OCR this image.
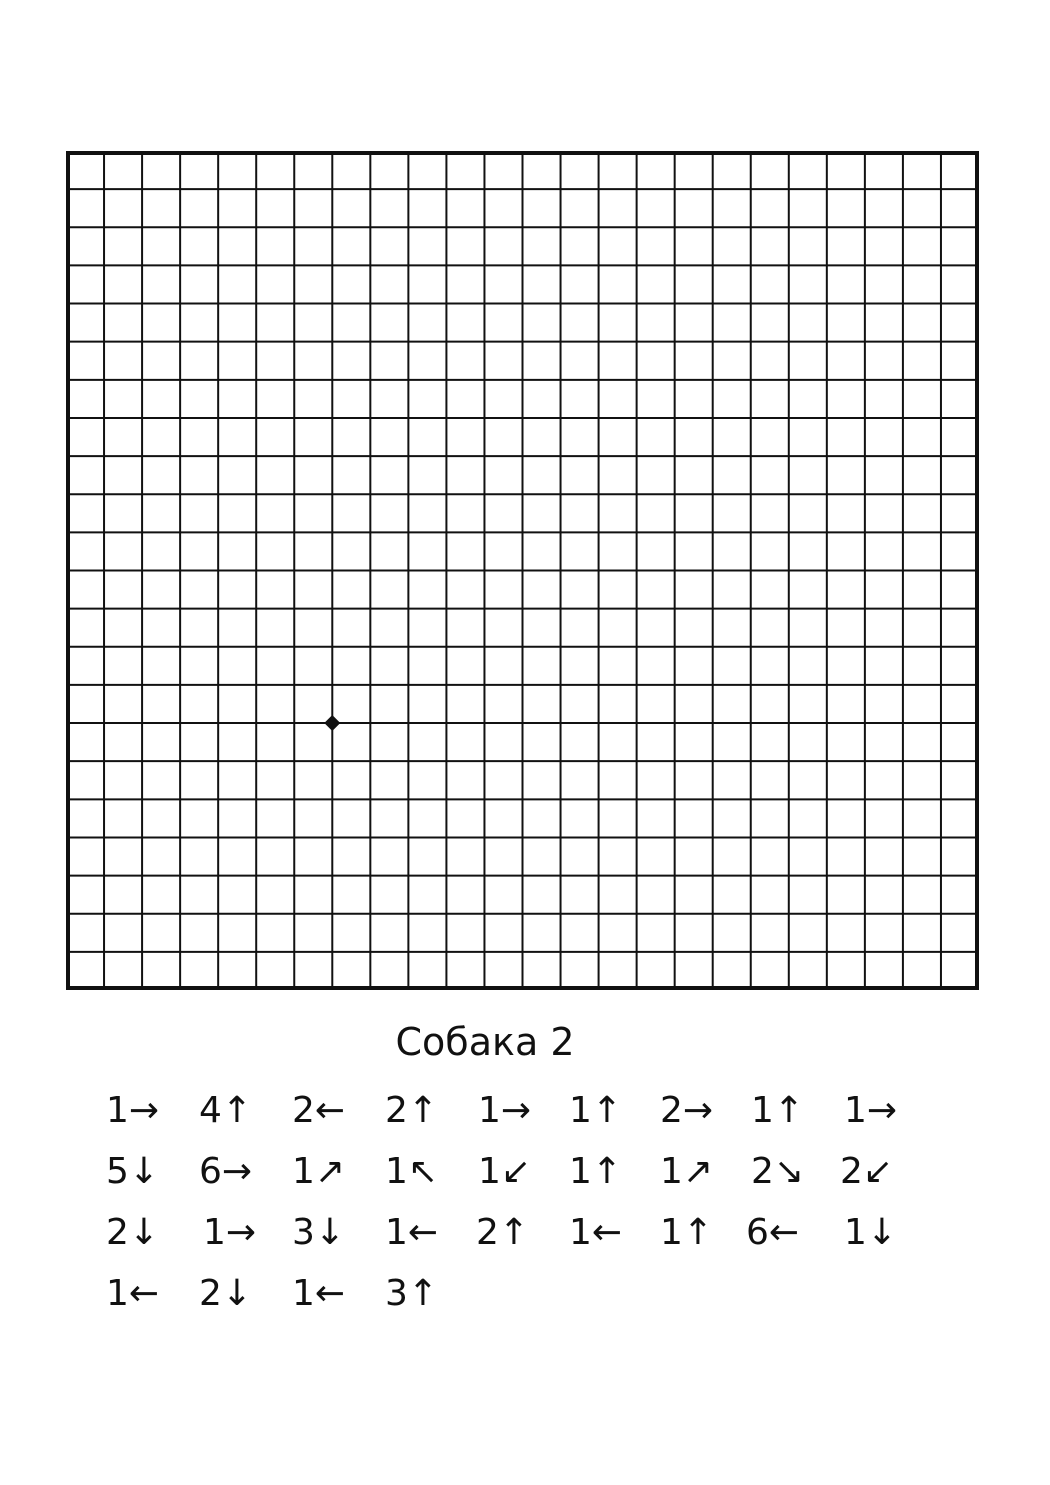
Собака 2
1→	4↑	2←	2↑	1→	1↑	2→	1↑	1→
5↓	6→	1↗	1↖	1↙	1↑	1↗	2↘ 2↙
2↓	1→ 3↓	1←	2↑	1←	1↑ 6←	1↓
1←	2↓	1←	3↑
